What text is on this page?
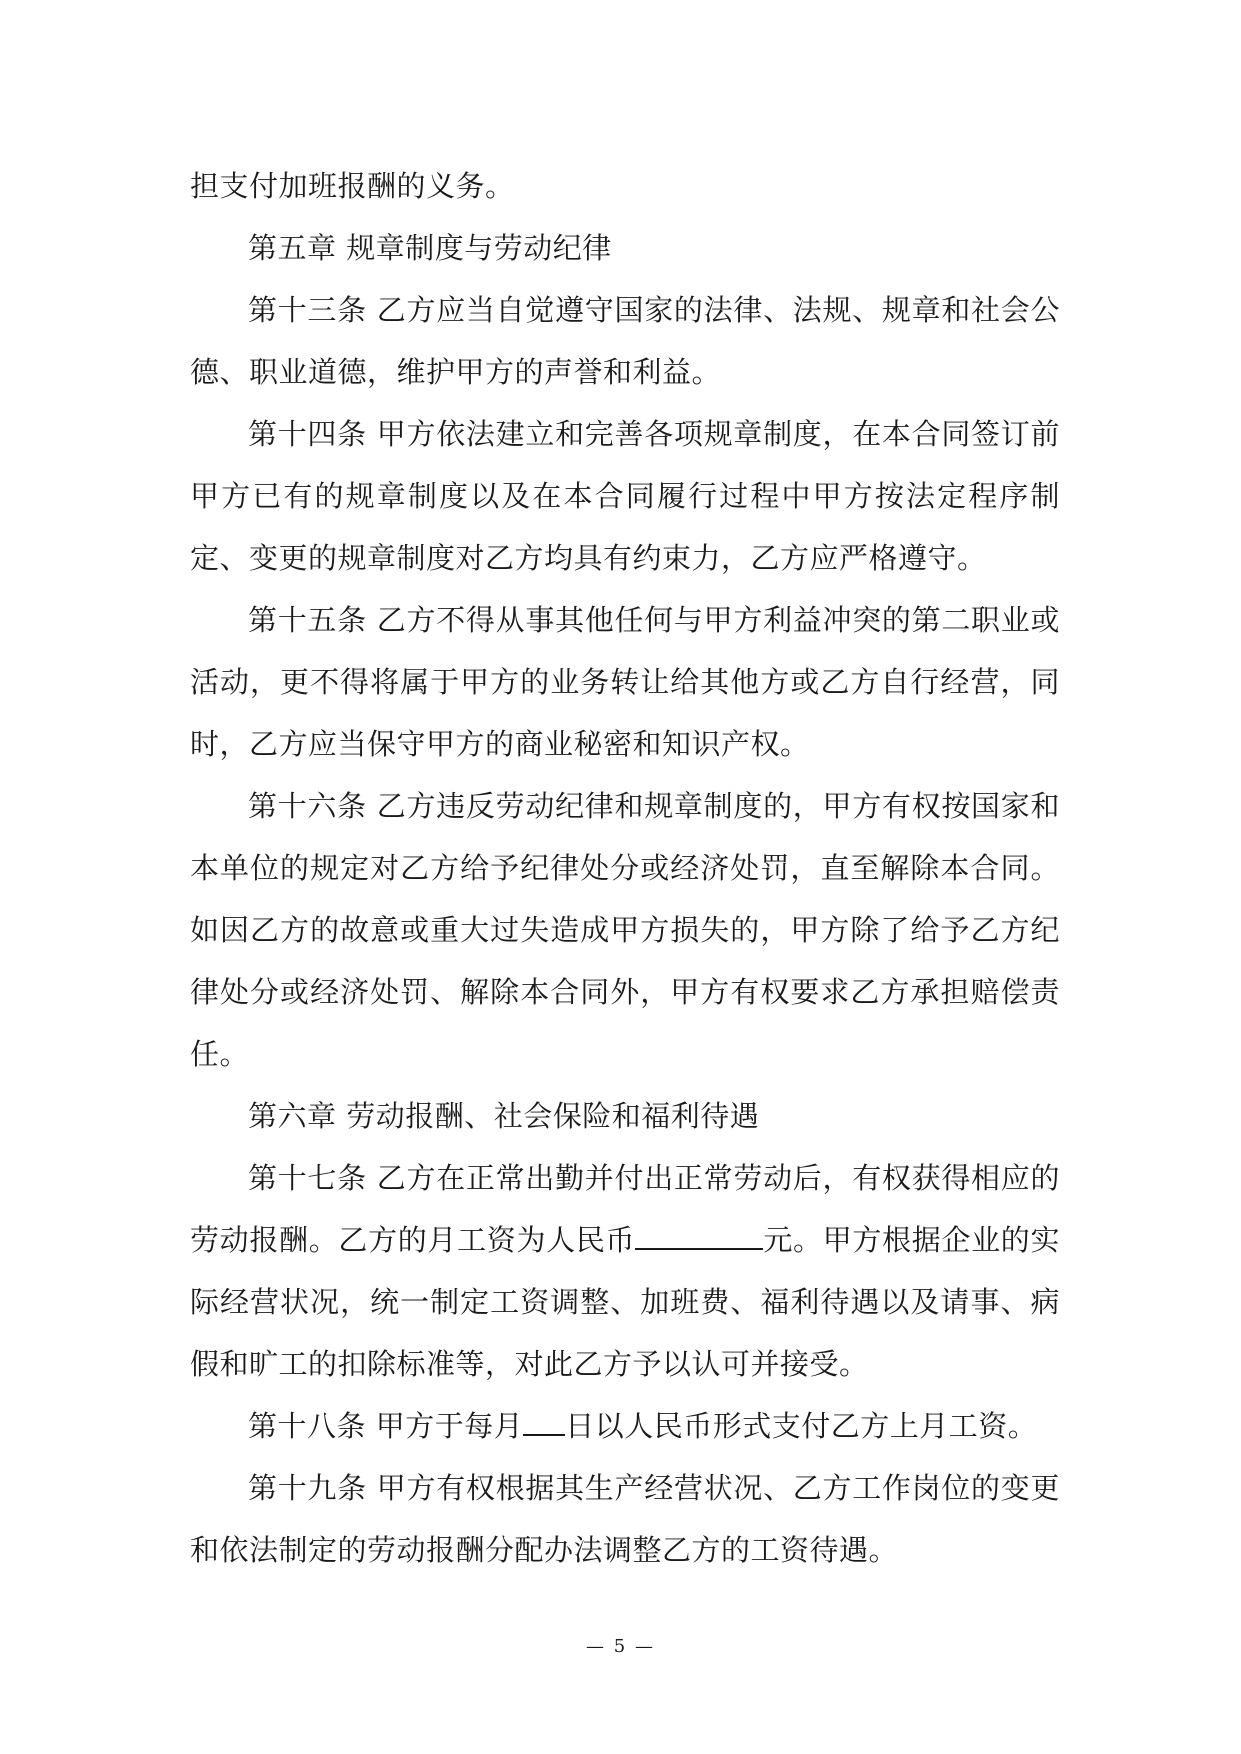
担支付加班报酬的义务。

第五章 规章制度与劳动纪律

第十三条 乙方应当自觉遵守国家的法律、法规、规章和社会公德、职业道德，维护甲方的声誉和利益。

第十四条 甲方依法建立和完善各项规章制度，在本合同签订前甲方已有的规章制度以及在本合同履行过程中甲方按法定程序制定、变更的规章制度对乙方均具有约束力，乙方应严格遵守。

第十五条 乙方不得从事其他任何与甲方利益冲突的第二职业或活动，更不得将属于甲方的业务转让给其他方或乙方自行经营，同时，乙方应当保守甲方的商业秘密和知识产权。

第十六条 乙方违反劳动纪律和规章制度的，甲方有权按国家和本单位的规定对乙方给予纪律处分或经济处罚，直至解除本合同。如因乙方的故意或重大过失造成甲方损失的，甲方除了给予乙方纪律处分或经济处罚、解除本合同外，甲方有权要求乙方承担赔偿责任。

第六章 劳动报酬、社会保险和福利待遇

第十七条 乙方在正常出勤并付出正常劳动后，有权获得相应的劳动报酬。乙方的月工资为人民币	元。甲方根据企业的实际经营状况，统一制定工资调整、加班费、福利待遇以及请事、病假和旷工的扣除标准等，对此乙方予以认可并接受。

第十八条 甲方于每月 日以人民币形式支付乙方上月工资。

第十九条 甲方有权根据其生产经营状况、乙方工作岗位的变更和依法制定的劳动报酬分配办法调整乙方的工资待遇。

— 5 —
